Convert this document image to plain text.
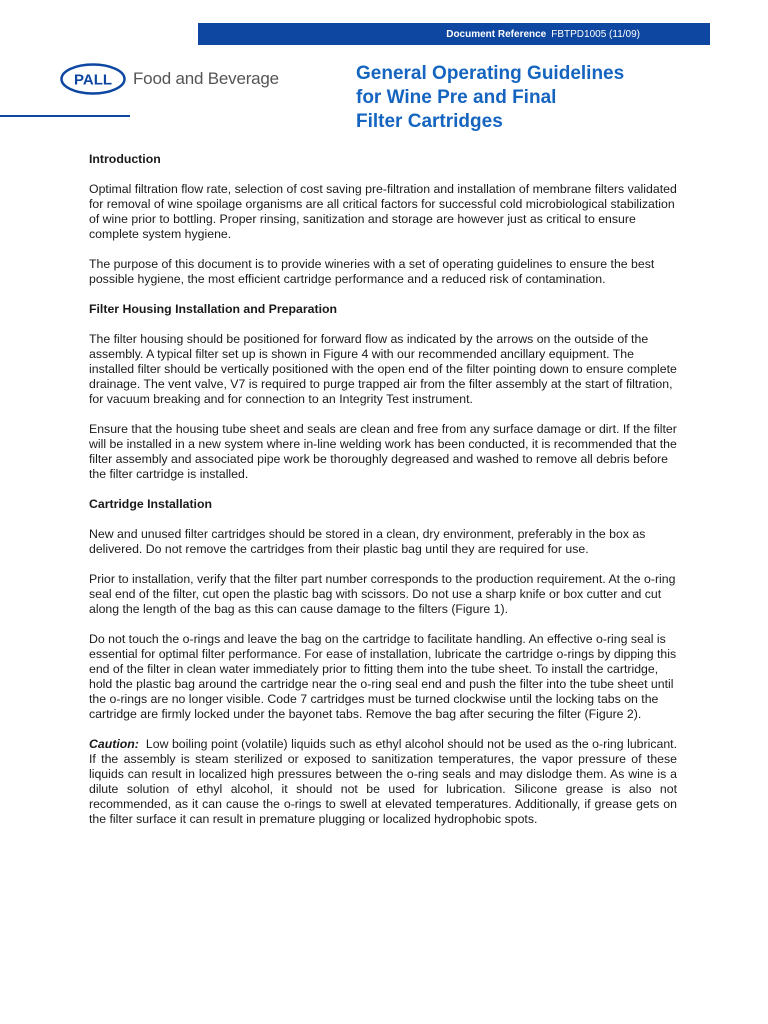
Document Reference FBTPD1005 (11/09)
PALL Food and Beverage	General Operating Guidelines
for Wine Pre and Final
Filter Cartridges
Introduction

Optimal filtration flow rate, selection of cost saving pre-filtration and installation of membrane filters validated for removal of wine spoilage organisms are all critical factors for successful cold microbiological stabilization of wine prior to bottling. Proper rinsing, sanitization and storage are however just as critical to ensure complete system hygiene.

The purpose of this document is to provide wineries with a set of operating guidelines to ensure the best possible hygiene, the most efficient cartridge performance and a reduced risk of contamination.

Filter Housing Installation and Preparation

The filter housing should be positioned for forward flow as indicated by the arrows on the outside of the assembly. A typical filter set up is shown in Figure 4 with our recommended ancillary equipment. The installed filter should be vertically positioned with the open end of the filter pointing down to ensure complete drainage. The vent valve, V7 is required to purge trapped air from the filter assembly at the start of filtration, for vacuum breaking and for connection to an Integrity Test instrument.

Ensure that the housing tube sheet and seals are clean and free from any surface damage or dirt. If the filter will be installed in a new system where in-line welding work has been conducted, it is recommended that the filter assembly and associated pipe work be thoroughly degreased and washed to remove all debris before the filter cartridge is installed.

Cartridge Installation

New and unused filter cartridges should be stored in a clean, dry environment, preferably in the box as delivered. Do not remove the cartridges from their plastic bag until they are required for use.

Prior to installation, verify that the filter part number corresponds to the production requirement. At the o-ring seal end of the filter, cut open the plastic bag with scissors. Do not use a sharp knife or box cutter and cut along the length of the bag as this can cause damage to the filters (Figure 1).

Do not touch the o-rings and leave the bag on the cartridge to facilitate handling. An effective o-ring seal is essential for optimal filter performance. For ease of installation, lubricate the cartridge o-rings by dipping this end of the filter in clean water immediately prior to fitting them into the tube sheet. To install the cartridge, hold the plastic bag around the cartridge near the o-ring seal end and push the filter into the tube sheet until the o-rings are no longer visible. Code 7 cartridges must be turned clockwise until the locking tabs on the cartridge are firmly locked under the bayonet tabs. Remove the bag after securing the filter (Figure 2).

Caution: Low boiling point (volatile) liquids such as ethyl alcohol should not be used as the o-ring lubricant. If the assembly is steam sterilized or exposed to sanitization temperatures, the vapor pressure of these liquids can result in localized high pressures between the o-ring seals and may dislodge them. As wine is a dilute solution of ethyl alcohol, it should not be used for lubrication. Silicone grease is also not recommended, as it can cause the o-rings to swell at elevated temperatures. Additionally, if grease gets on the filter surface it can result in premature plugging or localized hydrophobic spots.
